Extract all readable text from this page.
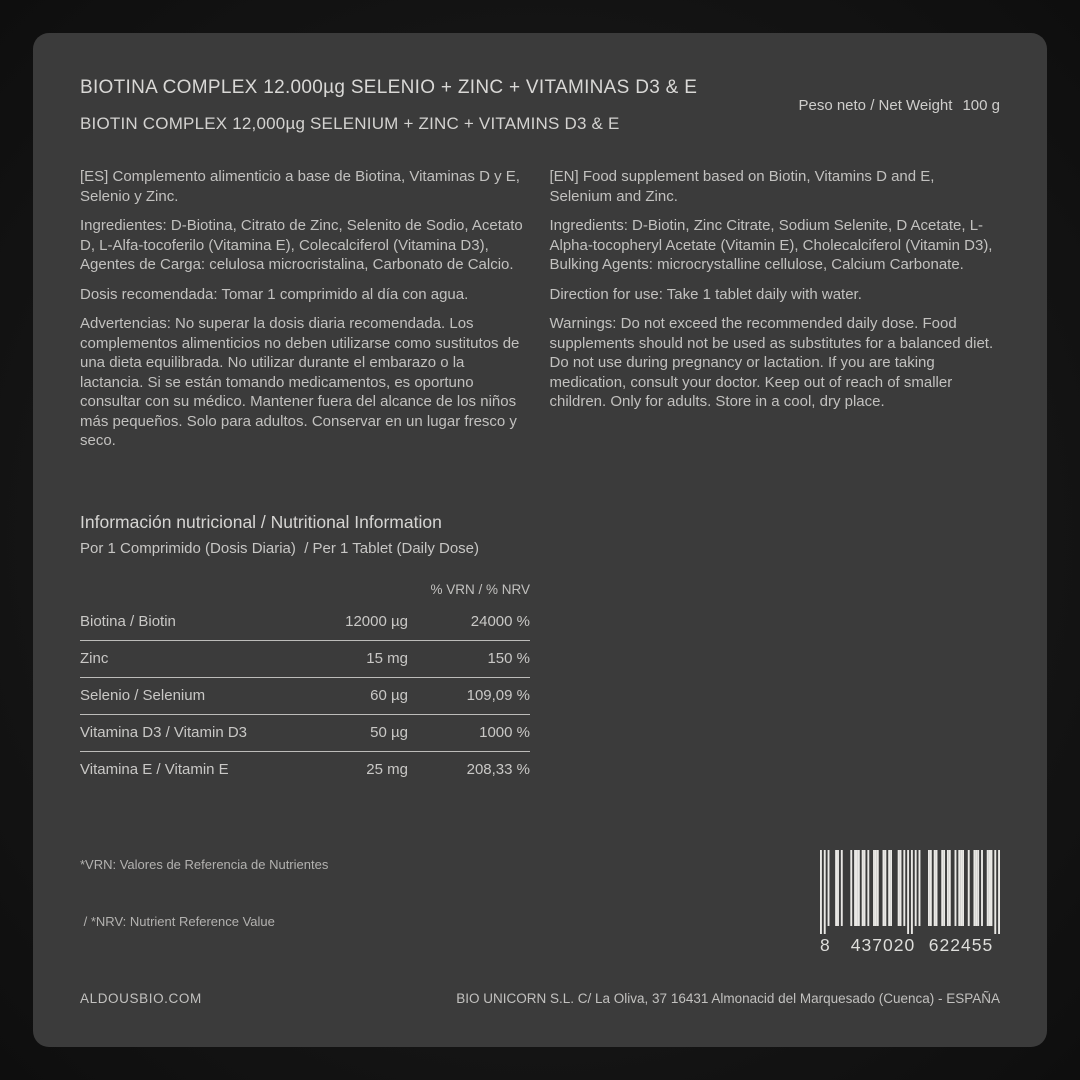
BIOTINA COMPLEX 12.000µg SELENIO + ZINC + VITAMINAS D3 & E
BIOTIN COMPLEX 12,000µg SELENIUM + ZINC + VITAMINS D3 & E

Peso neto / Net Weight 100 g

[ES] Complemento alimenticio a base de Biotina, Vitaminas D y E, Selenio y Zinc.

Ingredientes: D-Biotina, Citrato de Zinc, Selenito de Sodio, Acetato D, L-Alfa-tocoferilo (Vitamina E), Colecalciferol (Vitamina D3), Agentes de Carga: celulosa microcristalina, Carbonato de Calcio.

Dosis recomendada: Tomar 1 comprimido al día con agua.

Advertencias: No superar la dosis diaria recomendada. Los complementos alimenticios no deben utilizarse como sustitutos de una dieta equilibrada. No utilizar durante el embarazo o la lactancia. Si se están tomando medicamentos, es oportuno consultar con su médico. Mantener fuera del alcance de los niños más pequeños. Solo para adultos. Conservar en un lugar fresco y seco.

[EN] Food supplement based on Biotin, Vitamins D and E, Selenium and Zinc.

Ingredients: D-Biotin, Zinc Citrate, Sodium Selenite, D Acetate, L-Alpha-tocopheryl Acetate (Vitamin E), Cholecalciferol (Vitamin D3), Bulking Agents: microcrystalline cellulose, Calcium Carbonate.

Direction for use: Take 1 tablet daily with water.

Warnings: Do not exceed the recommended daily dose. Food supplements should not be used as substitutes for a balanced diet. Do not use during pregnancy or lactation. If you are taking medication, consult your doctor. Keep out of reach of smaller children. Only for adults. Store in a cool, dry place.

Información nutricional / Nutritional Information

Por 1 Comprimido (Dosis Diaria)  / Per 1 Tablet (Daily Dose)

% VRN / % NRV
Biotina / Biotin	12000 µg	24000 %
Zinc	15 mg	150 %
Selenio / Selenium	60 µg	109,09 %
Vitamina D3 / Vitamin D3	50 µg	1000 %
Vitamina E / Vitamin E	25 mg	208,33 %

*VRN: Valores de Referencia de Nutrientes

/ *NRV: Nutrient Reference Value

8	437020 622455
ALDOUSBIO.COM	BIO UNICORN S.L. C/ La Oliva, 37 16431 Almonacid del Marquesado (Cuenca) - ESPAÑA
